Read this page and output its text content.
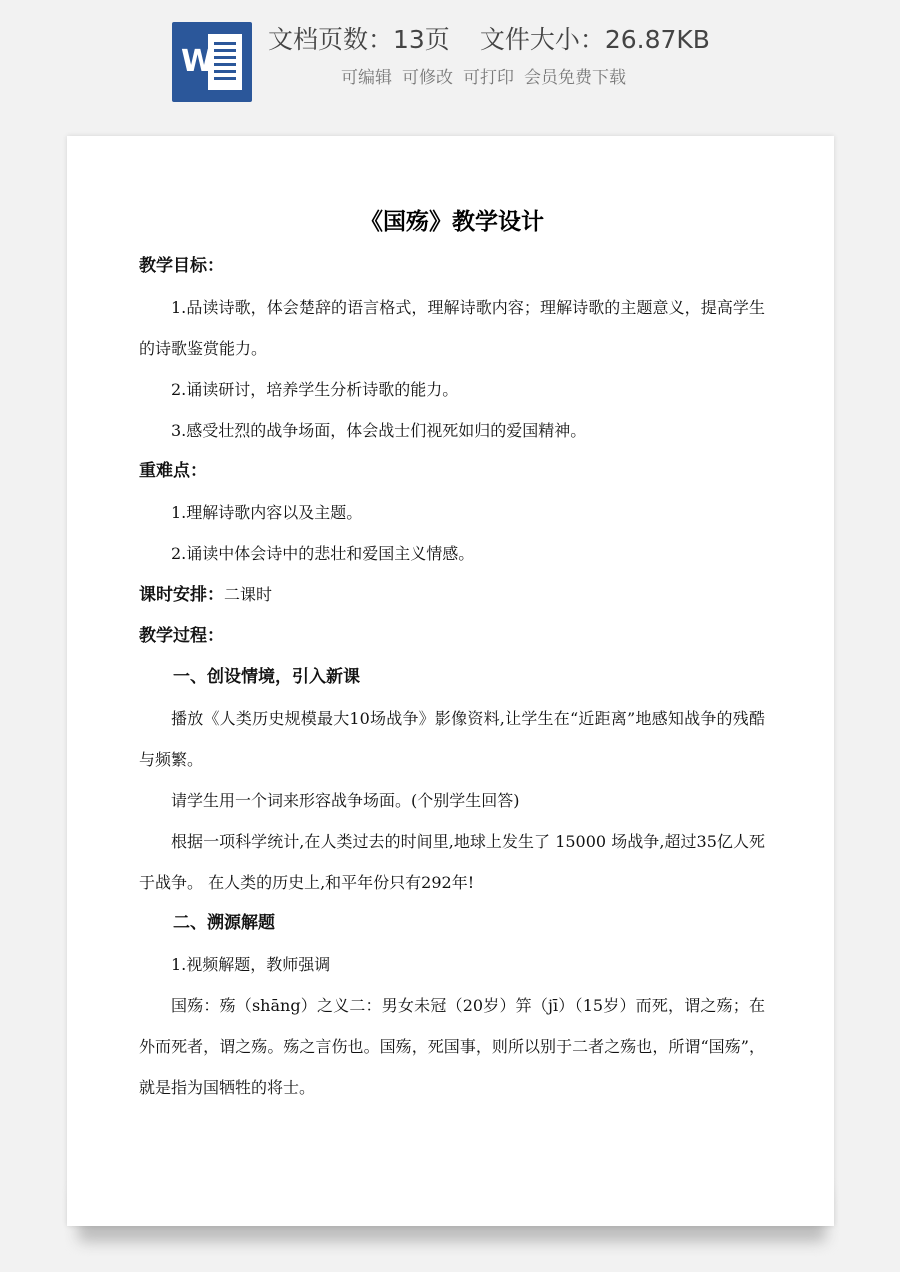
W
文档页数：13页 文件大小：26.87KB
可编辑 可修改 可打印 会员免费下载
《国殇》教学设计

教学目标：

1.品读诗歌，体会楚辞的语言格式，理解诗歌内容；理解诗歌的主题意义，提高学生的诗歌鉴赏能力。

2.诵读研讨，培养学生分析诗歌的能力。

3.感受壮烈的战争场面，体会战士们视死如归的爱国精神。

重难点：

1.理解诗歌内容以及主题。

2.诵读中体会诗中的悲壮和爱国主义情感。

课时安排：二课时

教学过程：

一、创设情境，引入新课

播放《人类历史规模最大10场战争》影像资料,让学生在“近距离”地感知战争的残酷与频繁。

请学生用一个词来形容战争场面。(个别学生回答)

根据一项科学统计,在人类过去的时间里,地球上发生了 15000 场战争,超过35亿人死于战争。 在人类的历史上,和平年份只有292年!

二、溯源解题

1.视频解题，教师强调

国殇：殇（shāng）之义二：男女未冠（20岁）笄（jī）（15岁）而死，谓之殇；在外而死者，谓之殇。殇之言伤也。国殇，死国事，则所以别于二者之殇也，所谓“国殇”，就是指为国牺牲的将士。
